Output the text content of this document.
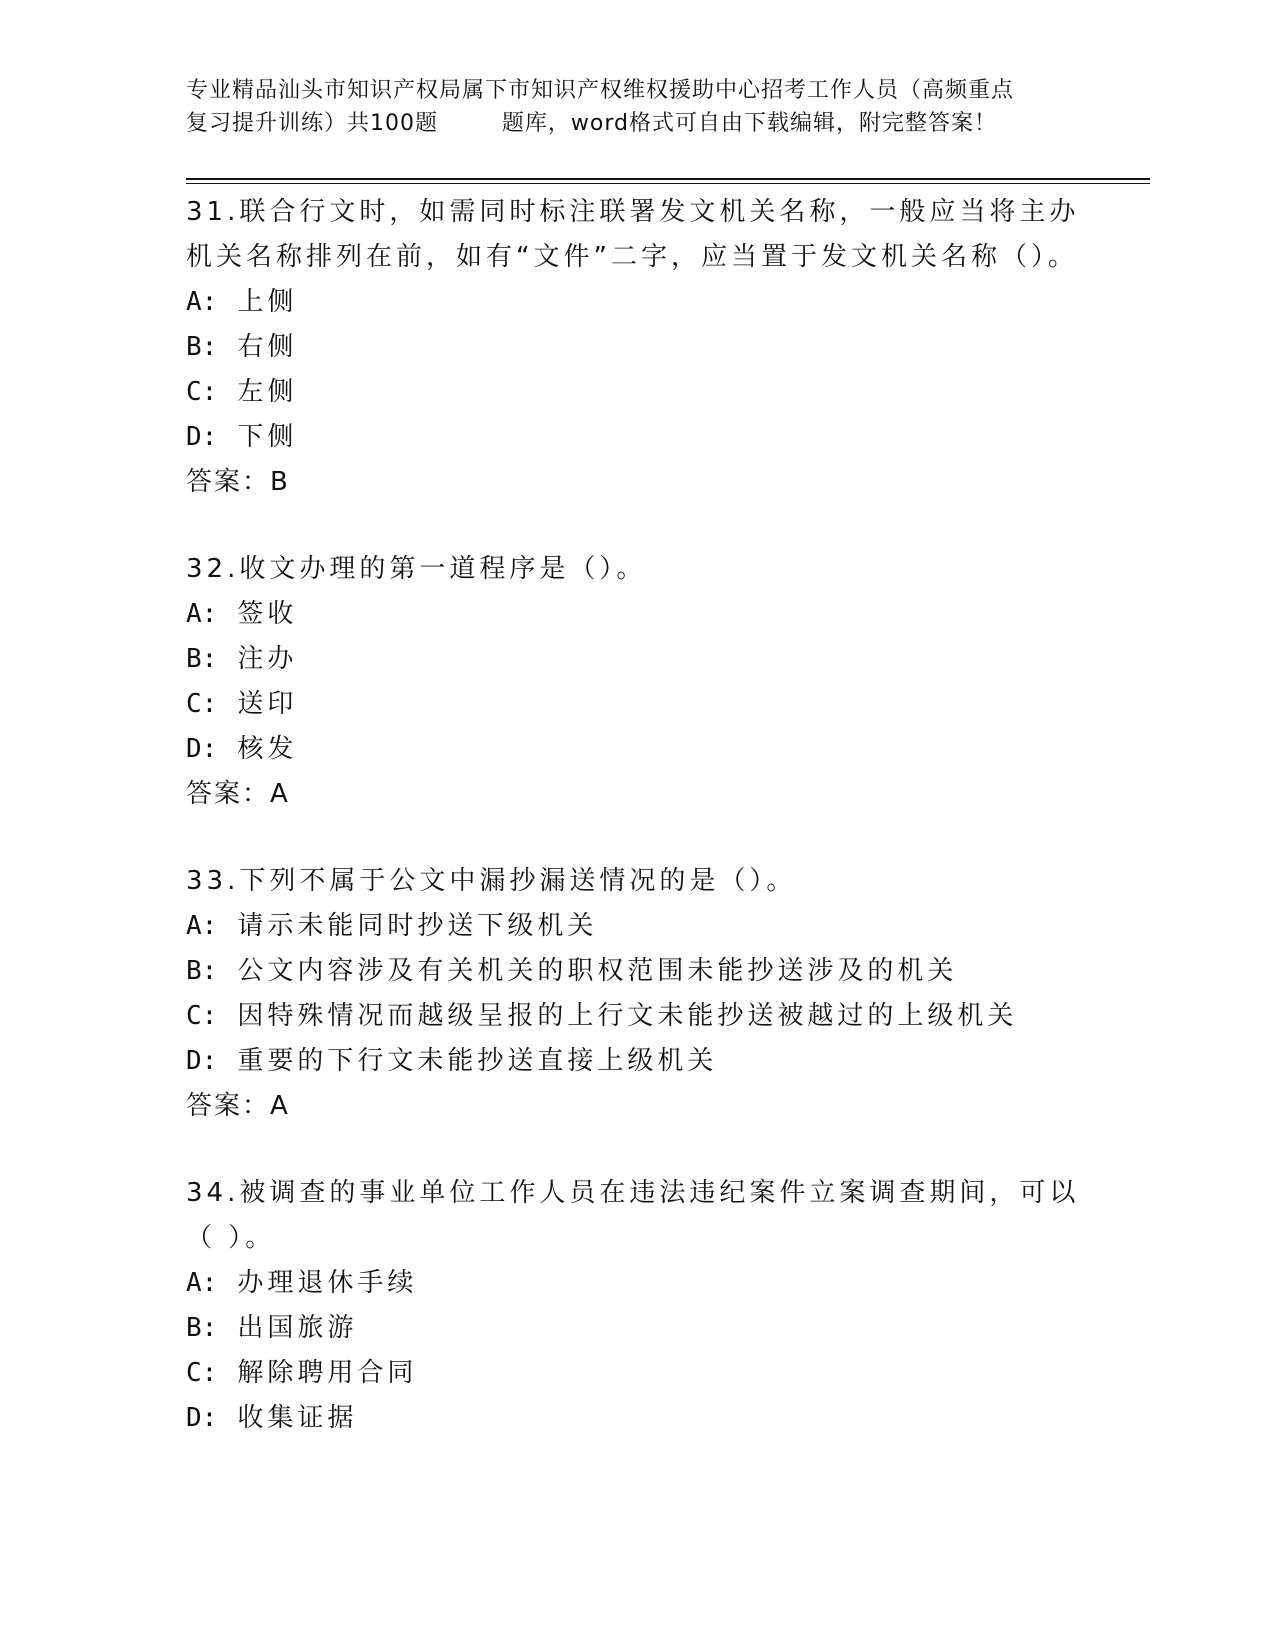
专业精品汕头市知识产权局属下市知识产权维权援助中心招考工作人员（高频重点
复习提升训练）共100题        题库，word格式可自由下载编辑，附完整答案！
31.联合行文时，如需同时标注联署发文机关名称，一般应当将主办机关名称排列在前，如有“文件”二字，应当置于发文机关名称（）。
A: 上侧
B: 右侧
C: 左侧
D: 下侧
答案：B
32.收文办理的第一道程序是（）。
A: 签收
B: 注办
C: 送印
D: 核发
答案：A
33.下列不属于公文中漏抄漏送情况的是（）。
A: 请示未能同时抄送下级机关
B: 公文内容涉及有关机关的职权范围未能抄送涉及的机关
C: 因特殊情况而越级呈报的上行文未能抄送被越过的上级机关
D: 重要的下行文未能抄送直接上级机关
答案：A
34.被调查的事业单位工作人员在违法违纪案件立案调查期间，可以（ ）。
A: 办理退休手续
B: 出国旅游
C: 解除聘用合同
D: 收集证据
